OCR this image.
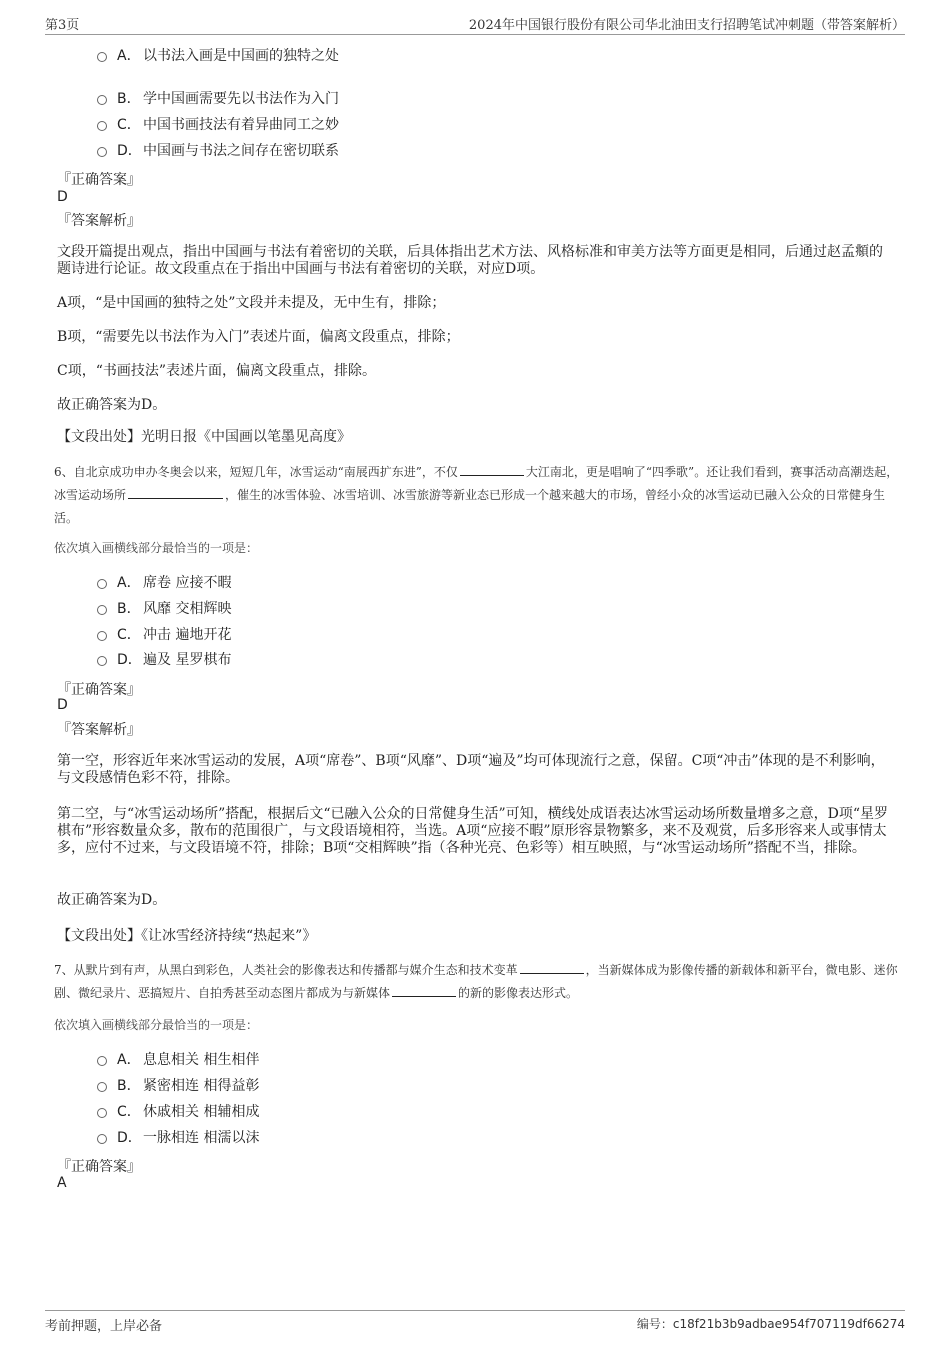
第3页	2024年中国银行股份有限公司华北油田支行招聘笔试冲刺题（带答案解析）
A． 以书法入画是中国画的独特之处
B． 学中国画需要先以书法作为入门
C． 中国书画技法有着异曲同工之妙
D．中国画与书法之间存在密切联系
『正确答案』
D
『答案解析』
文段开篇提出观点，指出中国画与书法有着密切的关联，后具体指出艺术方法、风格标准和审美方法等方面更是相同，后通过赵孟頫的题诗进行论证。故文段重点在于指出中国画与书法有着密切的关联，对应D项。
A项，“是中国画的独特之处”文段并未提及，无中生有，排除；
B项，“需要先以书法作为入门”表述片面，偏离文段重点，排除；
C项，“书画技法”表述片面，偏离文段重点，排除。
故正确答案为D。
【文段出处】光明日报《中国画以笔墨见高度》
6、自北京成功申办冬奥会以来，短短几年，冰雪运动“南展西扩东进”，不仅	大江南北，更是唱响了“四季歌”。还让我们看到，赛事活动高潮迭起，冰雪运动场所	，催生的冰雪体验、冰雪培训、冰雪旅游等新业态已形成一个越来越大的市场，曾经小众的冰雪运动已融入公众的日常健身生活。
依次填入画横线部分最恰当的一项是：
A． 席卷 应接不暇
B． 风靡 交相辉映
C． 冲击 遍地开花
D．遍及 星罗棋布
『正确答案』
D
『答案解析』
第一空，形容近年来冰雪运动的发展，A项“席卷”、B项“风靡”、D项“遍及”均可体现流行之意，保留。C项“冲击”体现的是不利影响，与文段感情色彩不符，排除。
第二空，与“冰雪运动场所”搭配，根据后文“已融入公众的日常健身生活”可知，横线处成语表达冰雪运动场所数量增多之意，D项“星罗棋布”形容数量众多，散布的范围很广，与文段语境相符，当选。A项“应接不暇”原形容景物繁多，来不及观赏，后多形容来人或事情太多，应付不过来，与文段语境不符，排除；B项“交相辉映”指（各种光亮、色彩等）相互映照，与“冰雪运动场所”搭配不当，排除。
故正确答案为D。
【文段出处】《让冰雪经济持续“热起来”》
7、从默片到有声，从黑白到彩色，人类社会的影像表达和传播都与媒介生态和技术变革	，当新媒体成为影像传播的新载体和新平台，微电影、迷你剧、微纪录片、恶搞短片、自拍秀甚至动态图片都成为与新媒体	的新的影像表达形式。
依次填入画横线部分最恰当的一项是：
A． 息息相关 相生相伴
B． 紧密相连 相得益彰
C． 休戚相关 相辅相成
D．一脉相连 相濡以沫
『正确答案』
A
考前押题，上岸必备	编号：c18f21b3b9adbae954f707119df66274
